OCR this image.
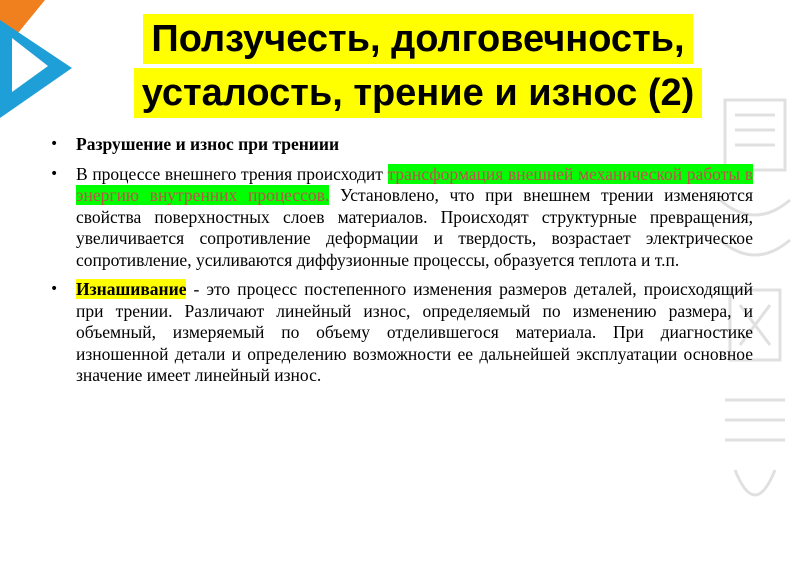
Ползучесть, долговечность,
усталость, трение и износ (2)
• Разрушение и износ при трениии
• В процессе внешнего трения происходит трансформация внешней механической работы в энергию внутренних процессов. Установлено, что при внешнем трении изменяются свойства поверхностных слоев материалов. Происходят структурные превращения, увеличивается сопротивление деформации и твердость, возрастает электрическое сопротивление, усиливаются диффузионные процессы, образуется теплота и т.п.
• Изнашивание - это процесс постепенного изменения размеров деталей, происходящий при трении. Различают линейный износ, определяемый по изменению размера, и объемный, измеряемый по объему отделившегося материала. При диагностике изношенной детали и определению возможности ее дальнейшей эксплуатации основное значение имеет линейный износ.
